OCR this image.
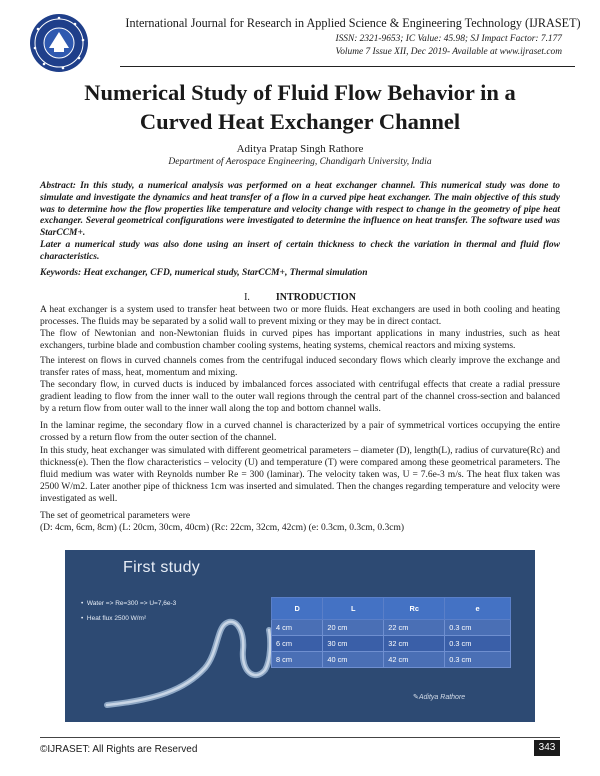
International Journal for Research in Applied Science & Engineering Technology (IJRASET)
ISSN: 2321-9653; IC Value: 45.98; SJ Impact Factor: 7.177
Volume 7 Issue XII, Dec 2019- Available at www.ijraset.com
Numerical Study of Fluid Flow Behavior in a
Curved Heat Exchanger Channel
Aditya Pratap Singh Rathore
Department of Aerospace Engineering, Chandigarh University, India
Abstract: In this study, a numerical analysis was performed on a heat exchanger channel. This numerical study was done to simulate and investigate the dynamics and heat transfer of a flow in a curved pipe heat exchanger. The main objective of this study was to determine how the flow properties like temperature and velocity change with respect to change in the geometry of pipe heat exchanger. Several geometrical configurations were investigated to determine the influence on heat transfer. The software used was StarCCM+.
Later a numerical study was also done using an insert of certain thickness to check the variation in thermal and fluid flow characteristics.
Keywords: Heat exchanger, CFD, numerical study, StarCCM+, Thermal simulation
I.	INTRODUCTION
A heat exchanger is a system used to transfer heat between two or more fluids. Heat exchangers are used in both cooling and heating processes. The fluids may be separated by a solid wall to prevent mixing or they may be in direct contact.
The flow of Newtonian and non-Newtonian fluids in curved pipes has important applications in many industries, such as heat exchangers, turbine blade and combustion chamber cooling systems, heating systems, chemical reactors and mixing systems.
The interest on flows in curved channels comes from the centrifugal induced secondary flows which clearly improve the exchange and transfer rates of mass, heat, momentum and mixing.
The secondary flow, in curved ducts is induced by imbalanced forces associated with centrifugal effects that create a radial pressure gradient leading to flow from the inner wall to the outer wall regions through the central part of the channel cross-section and balanced by a return flow from outer wall to the inner wall along the top and bottom channel walls.
In the laminar regime, the secondary flow in a curved channel is characterized by a pair of symmetrical vortices occupying the entire crossed by a return flow from the outer section of the channel.
In this study, heat exchanger was simulated with different geometrical parameters – diameter (D), length(L), radius of curvature(Rc) and thickness(e). Then the flow characteristics – velocity (U) and temperature (T) were compared among these geometrical parameters. The fluid medium was water with Reynolds number Re = 300 (laminar). The velocity taken was, U = 7.6e-3 m/s. The heat flux taken was 2500 W/m2. Later another pipe of thickness 1cm was inserted and simulated. Then the changes regarding temperature and velocity were investigated as well.
The set of geometrical parameters were
(D: 4cm, 6cm, 8cm) (L: 20cm, 30cm, 40cm) (Rc: 22cm, 32cm, 42cm) (e: 0.3cm, 0.3cm, 0.3cm)
First study
•  Water => Re=300 => U=7,6e-3
•  Heat flux 2500 W/m²
D	L	Rc	e
4 cm	20 cm	22 cm	0.3 cm
6 cm	30 cm	32 cm	0.3 cm
8 cm	40 cm	42 cm	0.3 cm
✎Aditya Rathore
©IJRASET: All Rights are Reserved	343
